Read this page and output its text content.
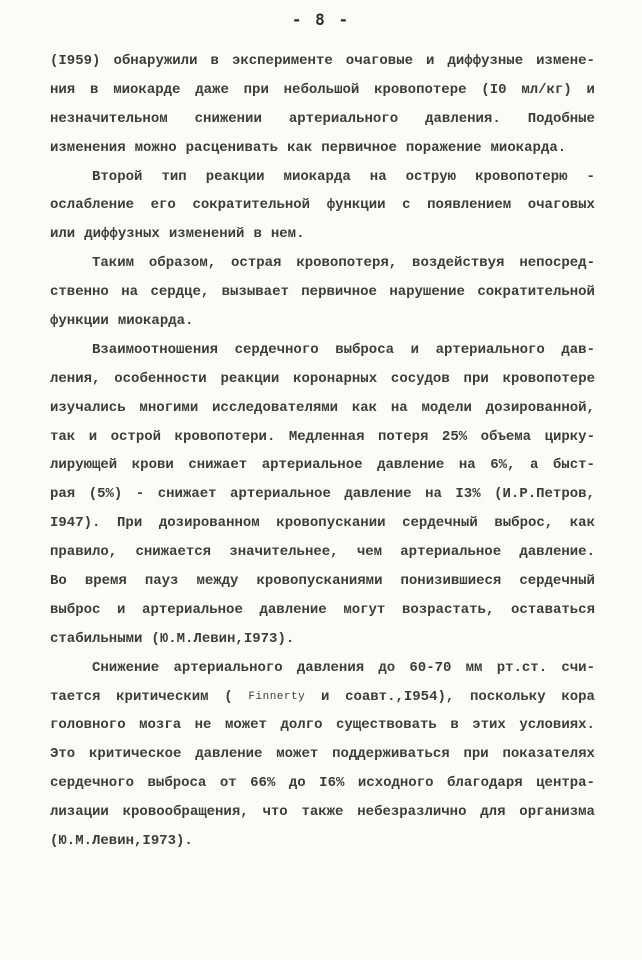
- 8 -
(I959) обнаружили в эксперименте очаговые и диффузные измене-
ния в миокарде даже при небольшой кровопотере (I0 мл/кг) и
незначительном снижении артериального давления. Подобные
изменения можно расценивать как первичное поражение миокарда.
Второй тип реакции миокарда на острую кровопотерю -
ослабление его сократительной функции с появлением очаговых
или диффузных изменений в нем.
Таким образом, острая кровопотеря, воздействуя непосред-
ственно на сердце, вызывает первичное нарушение сократительной
функции миокарда.
Взаимоотношения сердечного выброса и артериального дав-
ления, особенности реакции коронарных сосудов при кровопотере
изучались многими исследователями как на модели дозированной,
так и острой кровопотери. Медленная потеря 25% объема цирку-
лирующей крови снижает артериальное давление на 6%, а быст-
рая (5%) - снижает артериальное давление на I3% (И.Р.Петров,
I947). При дозированном кровопускании сердечный выброс, как
правило, снижается значительнее, чем артериальное давление.
Во время пауз между кровопусканиями понизившиеся сердечный
выброс и артериальное давление могут возрастать, оставаться
стабильными (Ю.М.Левин,I973).
Снижение артериального давления до 60-70 мм рт.ст. счи-
тается критическим ( Finnerty и соавт.,I954), поскольку кора
головного мозга не может долго существовать в этих условиях.
Это критическое давление может поддерживаться при показателях
сердечного выброса от 66% до I6% исходного благодаря центра-
лизации кровообращения, что также небезразлично для организма
(Ю.М.Левин,I973).
